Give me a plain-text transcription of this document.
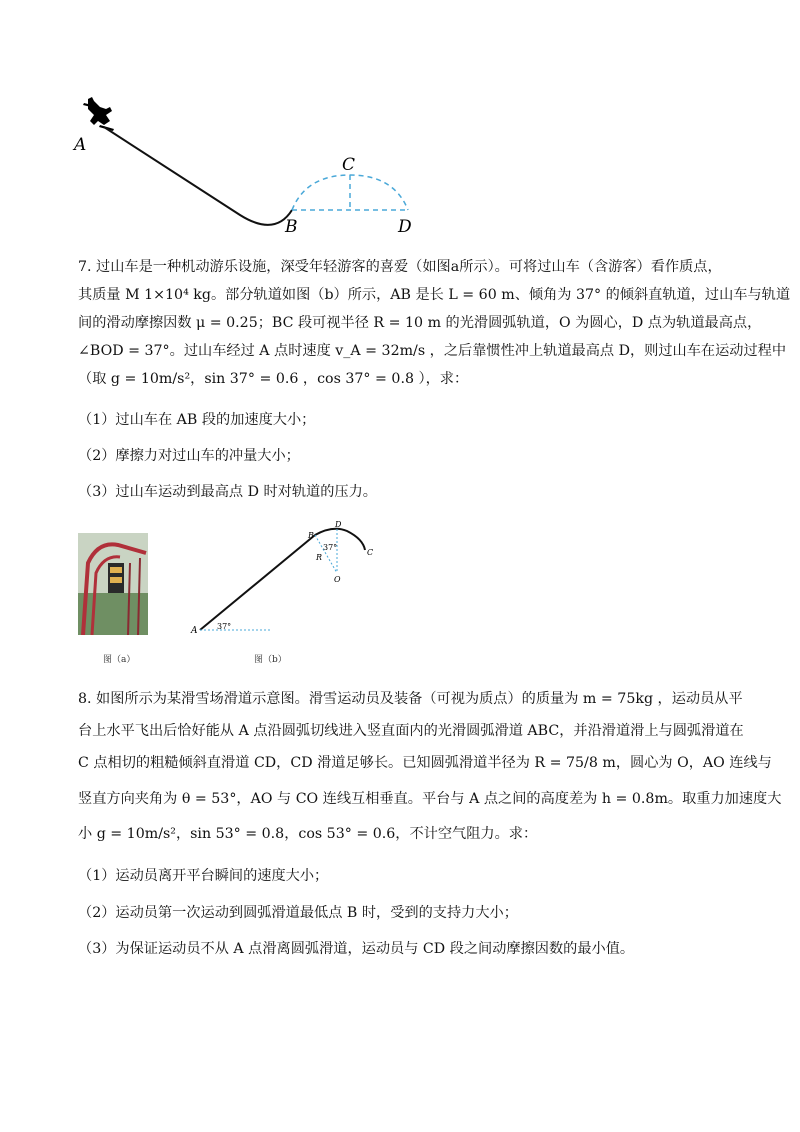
A
C
B	D
7. 过山车是一种机动游乐设施，深受年轻游客的喜爱（如图a所示）。可将过山车（含游客）看作质点，
其质量 M 1×10⁴ kg。部分轨道如图（b）所示，AB 是长 L = 60 m、倾角为 37° 的倾斜直轨道，过山车与轨道
间的滑动摩擦因数 μ = 0.25；BC 段可视半径 R = 10 m 的光滑圆弧轨道，O 为圆心，D 点为轨道最高点，
∠BOD = 37°。过山车经过 A 点时速度 v_A = 32m/s ，之后靠惯性冲上轨道最高点 D，则过山车在运动过程中
（取 g = 10m/s²，sin 37° = 0.6 ，cos 37° = 0.8 ），求：
（1）过山车在 AB 段的加速度大小；
（2）摩擦力对过山车的冲量大小；
（3）过山车运动到最高点 D 时对轨道的压力。
图（a）
A 37°
B
D
C
37°
R
O
图（b）
8. 如图所示为某滑雪场滑道示意图。滑雪运动员及装备（可视为质点）的质量为 m = 75kg ，运动员从平
台上水平飞出后恰好能从 A 点沿圆弧切线进入竖直面内的光滑圆弧滑道 ABC，并沿滑道滑上与圆弧滑道在
C 点相切的粗糙倾斜直滑道 CD，CD 滑道足够长。已知圆弧滑道半径为 R = 75/8 m，圆心为 O，AO 连线与
竖直方向夹角为 θ = 53°，AO 与 CO 连线互相垂直。平台与 A 点之间的高度差为 h = 0.8m。取重力加速度大
小 g = 10m/s²，sin 53° = 0.8，cos 53° = 0.6，不计空气阻力。求：
（1）运动员离开平台瞬间的速度大小；
（2）运动员第一次运动到圆弧滑道最低点 B 时，受到的支持力大小；
（3）为保证运动员不从 A 点滑离圆弧滑道，运动员与 CD 段之间动摩擦因数的最小值。
